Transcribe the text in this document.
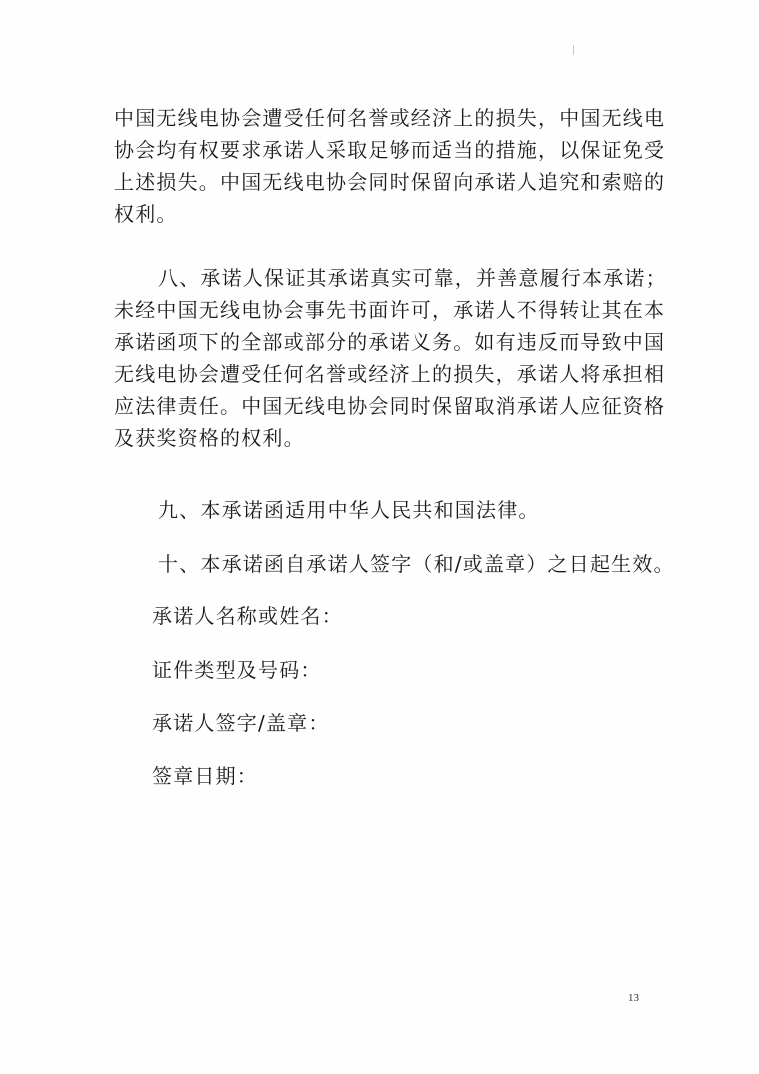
中国无线电协会遭受任何名誉或经济上的损失，中国无线电
协会均有权要求承诺人采取足够而适当的措施，以保证免受
上述损失。中国无线电协会同时保留向承诺人追究和索赔的
权利。
八、承诺人保证其承诺真实可靠，并善意履行本承诺；
未经中国无线电协会事先书面许可，承诺人不得转让其在本
承诺函项下的全部或部分的承诺义务。如有违反而导致中国
无线电协会遭受任何名誉或经济上的损失，承诺人将承担相
应法律责任。中国无线电协会同时保留取消承诺人应征资格
及获奖资格的权利。
九、本承诺函适用中华人民共和国法律。
十、本承诺函自承诺人签字（和/或盖章）之日起生效。
承诺人名称或姓名：
证件类型及号码：
承诺人签字/盖章：
签章日期：
13
